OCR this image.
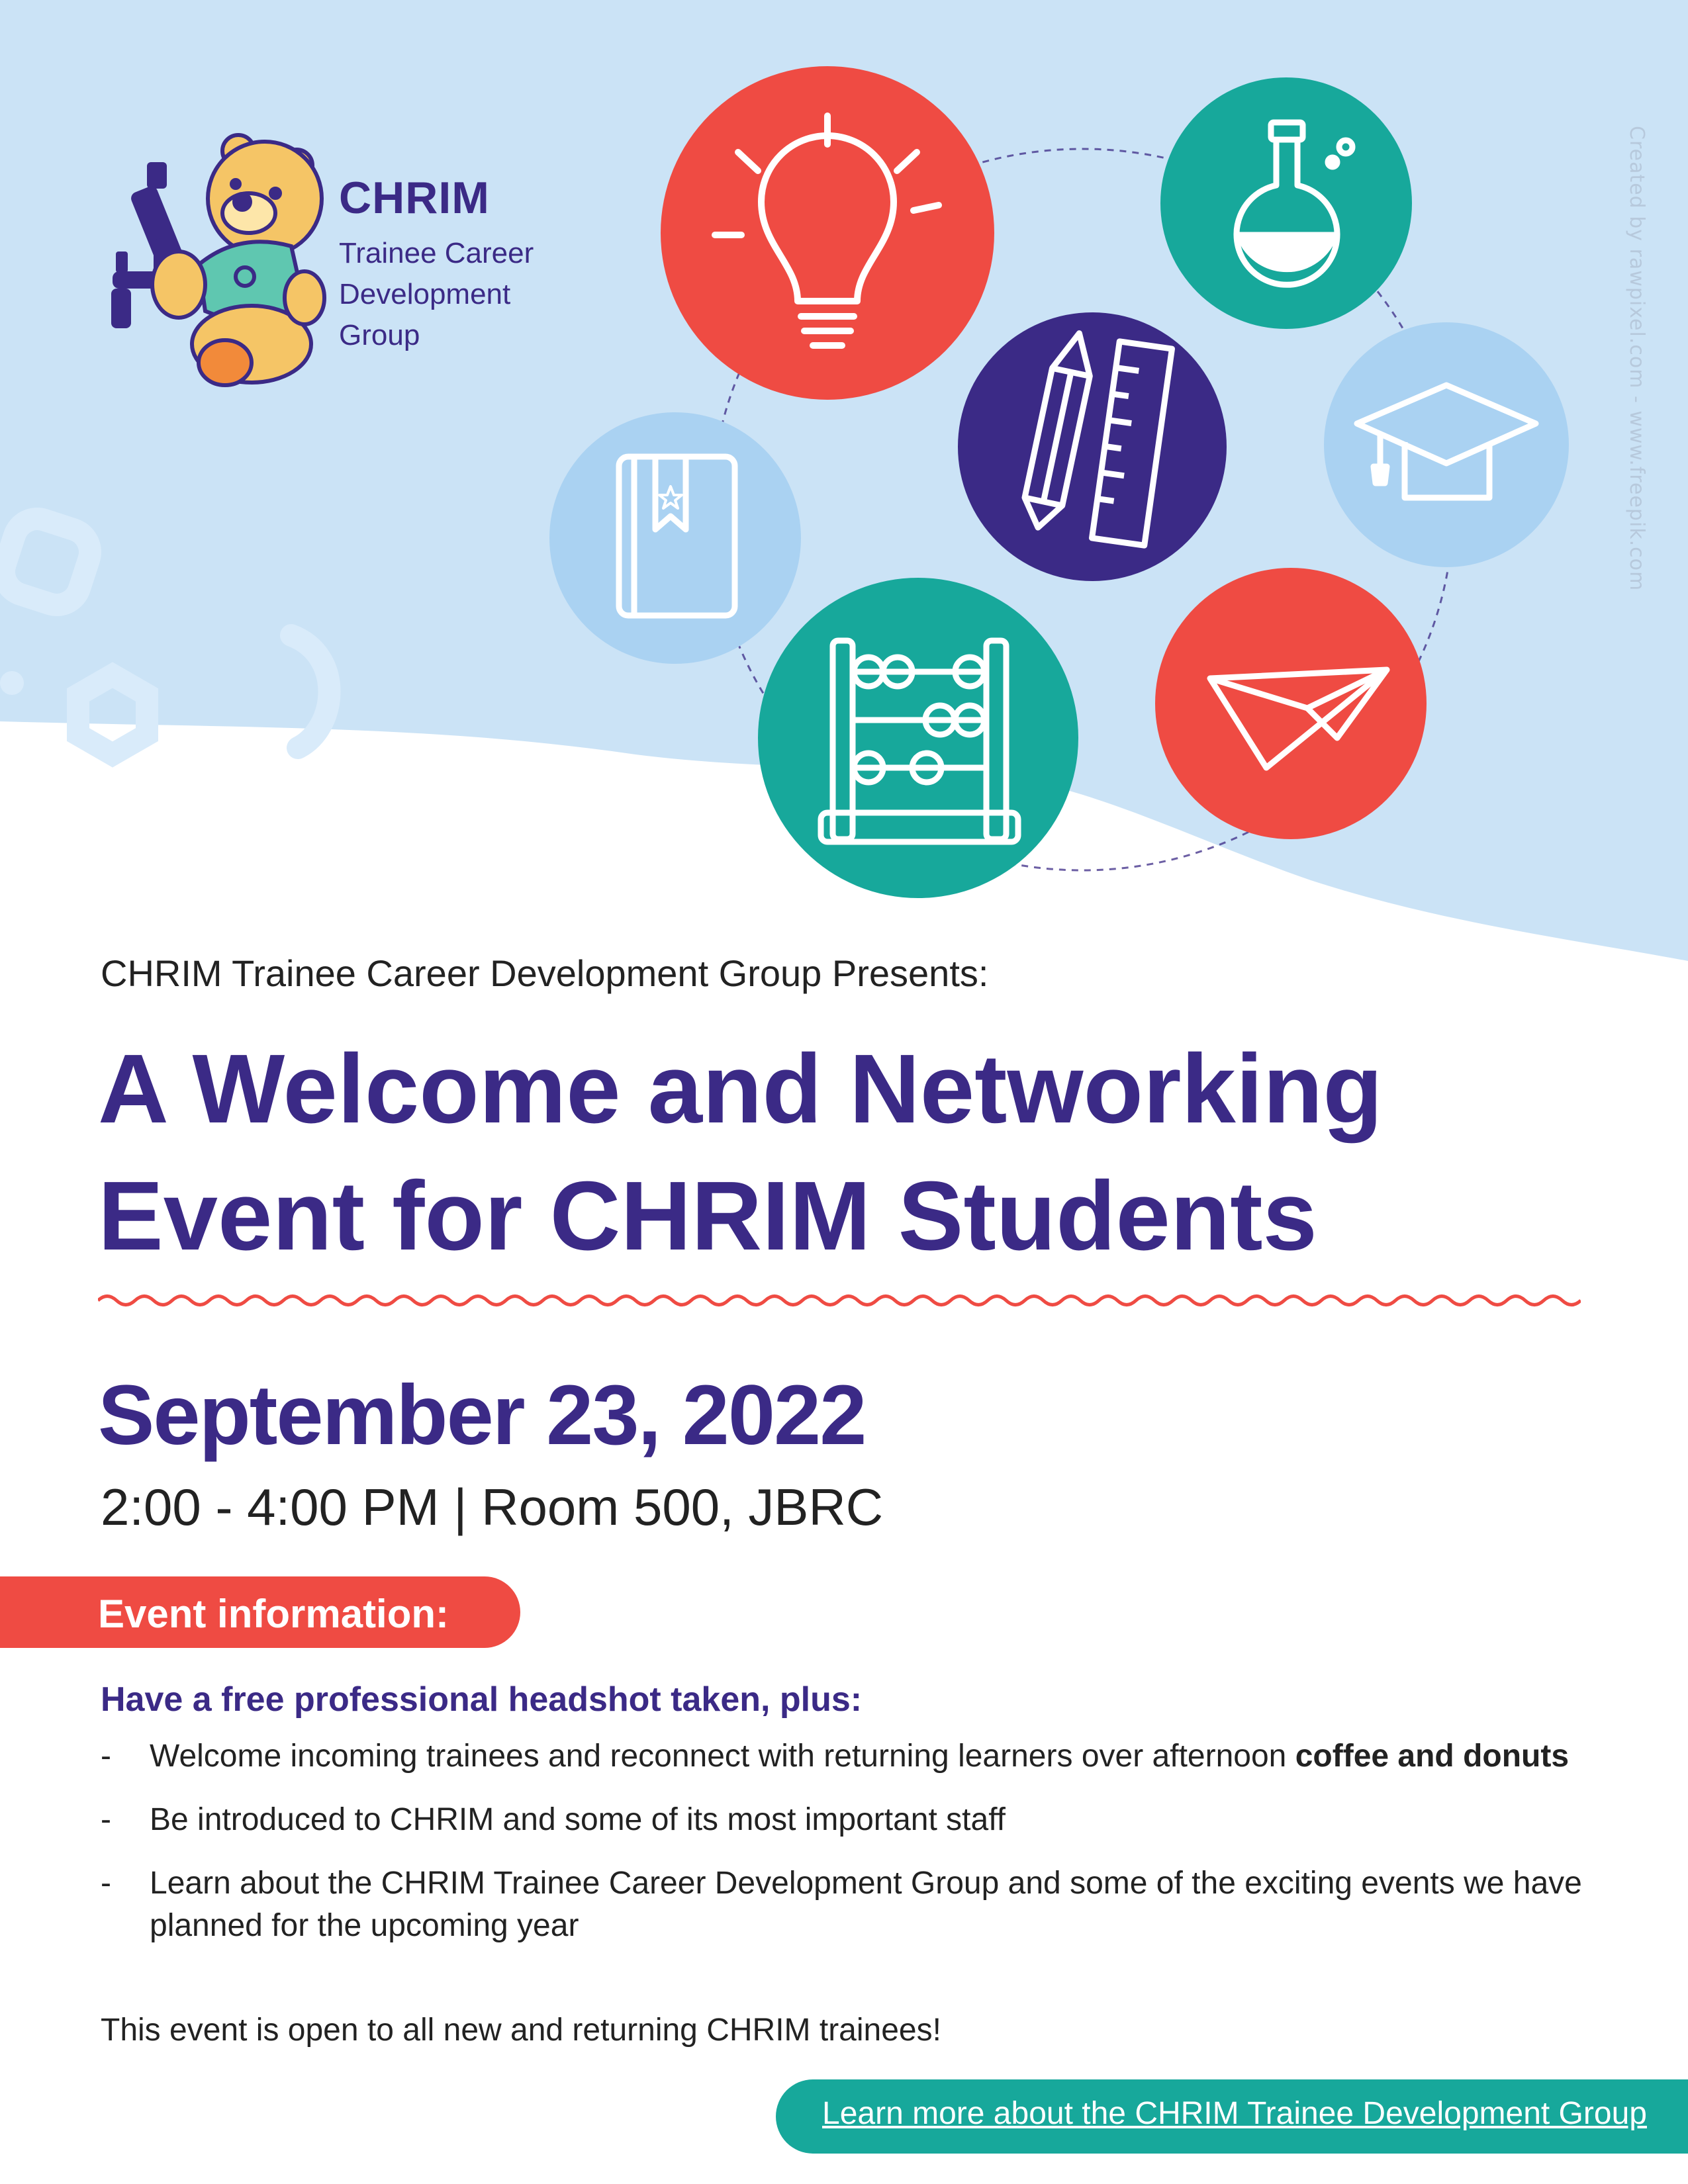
Created by rawpixel.com - www.freepik.com
CHRIM
Trainee Career
Development
Group
CHRIM Trainee Career Development Group Presents:
A Welcome and Networking
Event for CHRIM Students
September 23, 2022
2:00 - 4:00 PM | Room 500, JBRC
Event information:
Have a free professional headshot taken, plus:
- Welcome incoming trainees and reconnect with returning learners over afternoon coffee and donuts
- Be introduced to CHRIM and some of its most important staff
- Learn about the CHRIM Trainee Career Development Group and some of the exciting events we have planned for the upcoming year
This event is open to all new and returning CHRIM trainees!
Learn more about the CHRIM Trainee Development Group
